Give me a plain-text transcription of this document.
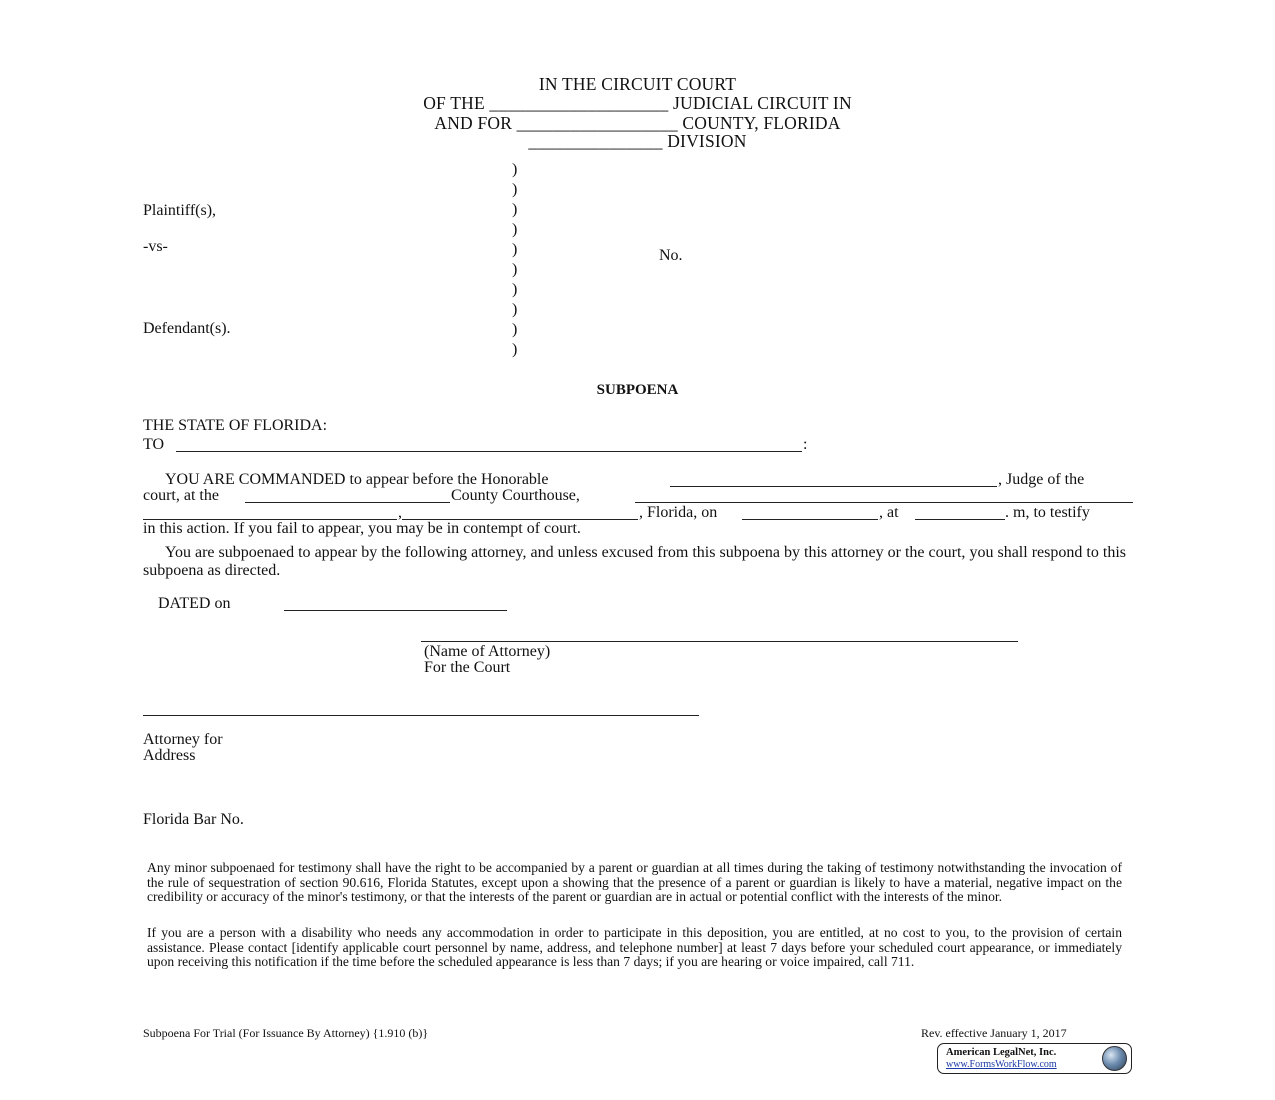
IN THE CIRCUIT COURT
OF THE ____________________ JUDICIAL CIRCUIT IN
AND FOR __________________ COUNTY, FLORIDA
_______________ DIVISION
)
)
)
)
)
)
)
)
)
)
Plaintiff(s),
-vs-
Defendant(s).
No.
SUBPOENA
THE STATE OF FLORIDA:
TO	:
YOU ARE COMMANDED to appear before the Honorable	, Judge of the
court, at the	County Courthouse,
,	, Florida, on	, at	. m, to testify
in this action. If you fail to appear, you may be in contempt of court.
You are subpoenaed to appear by the following attorney, and unless excused from this subpoena by this attorney or the court, you shall respond to this subpoena as directed.
DATED on
(Name of Attorney)
For the Court
Attorney for
Address
Florida Bar No.
Any minor subpoenaed for testimony shall have the right to be accompanied by a parent or guardian at all times during the taking of testimony notwithstanding the invocation of the rule of sequestration of section 90.616, Florida Statutes, except upon a showing that the presence of a parent or guardian is likely to have a material, negative impact on the credibility or accuracy of the minor's testimony, or that the interests of the parent or guardian are in actual or potential conflict with the interests of the minor.
If you are a person with a disability who needs any accommodation in order to participate in this deposition, you are entitled, at no cost to you, to the provision of certain assistance. Please contact [identify applicable court personnel by name, address, and telephone number] at least 7 days before your scheduled court appearance, or immediately upon receiving this notification if the time before the scheduled appearance is less than 7 days; if you are hearing or voice impaired, call 711.
Subpoena For Trial (For Issuance By Attorney) {1.910 (b)}	Rev. effective January 1, 2017
American LegalNet, Inc.
www.FormsWorkFlow.com
